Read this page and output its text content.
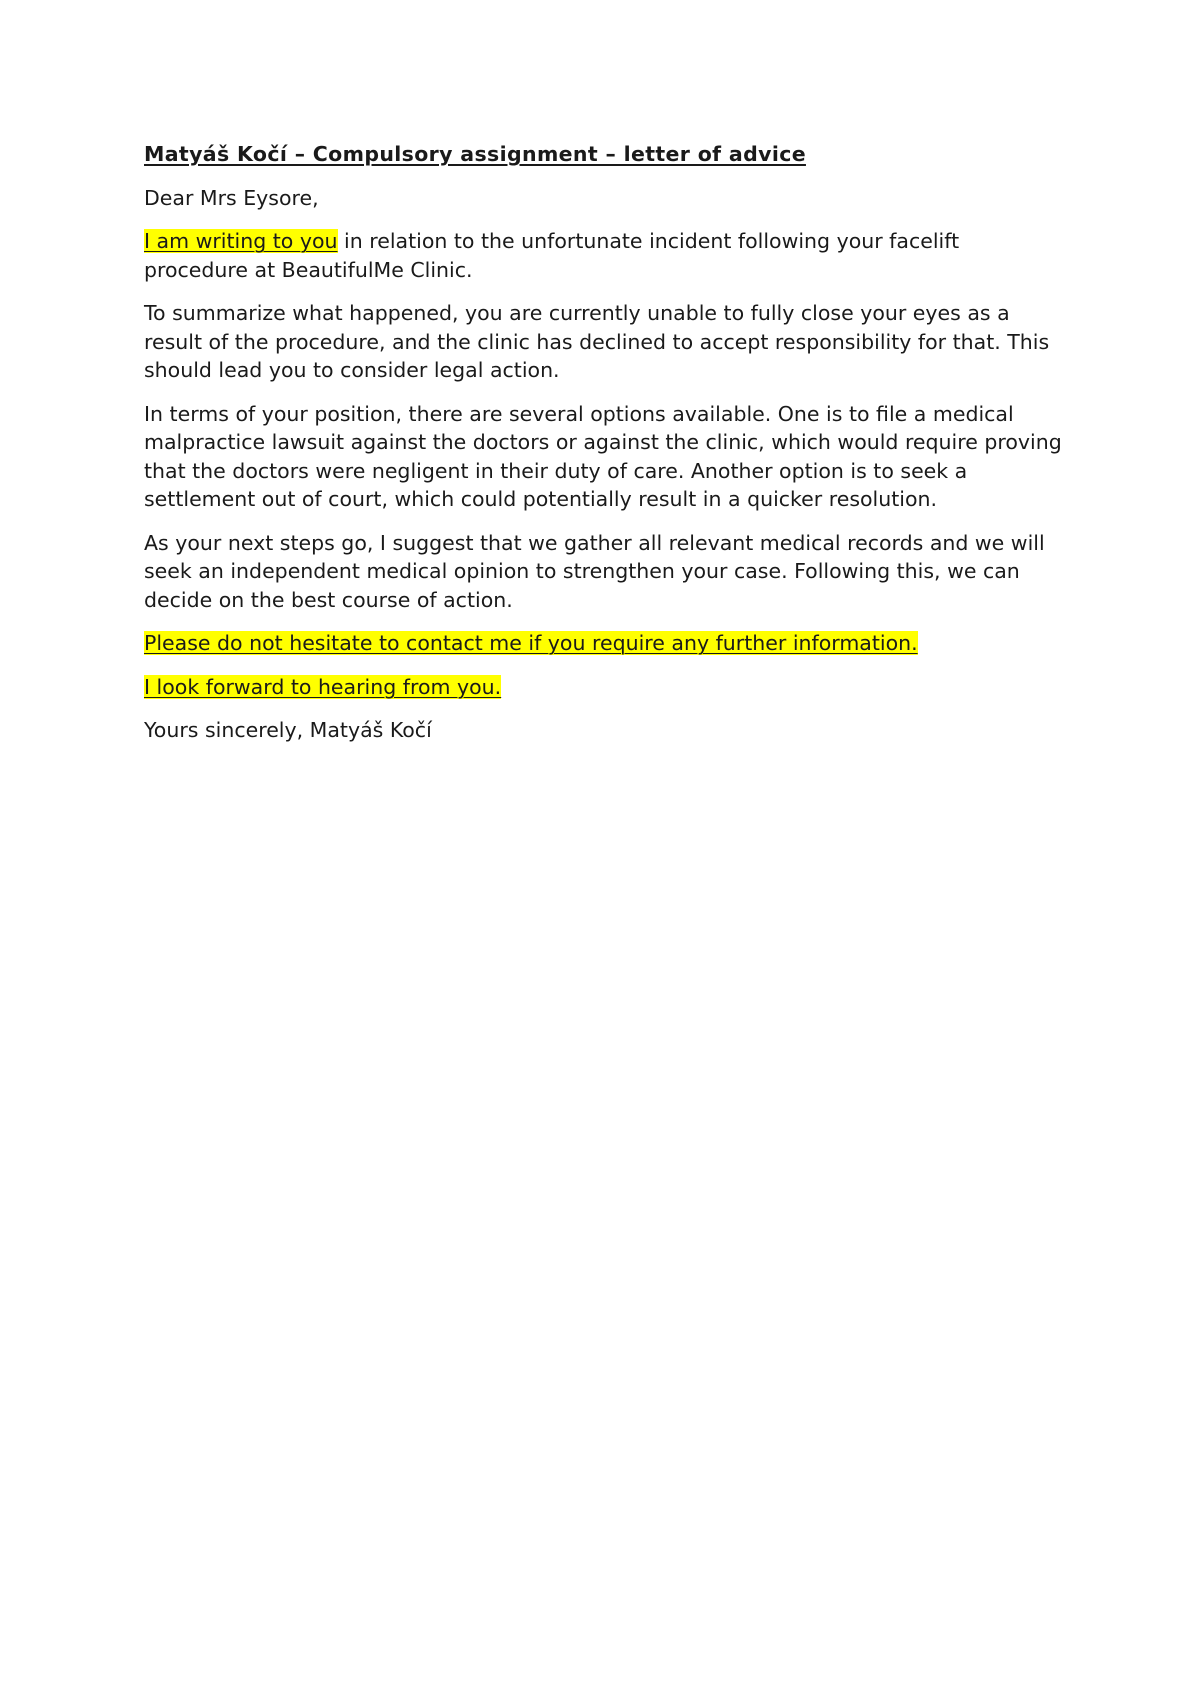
Matyáš Kočí – Compulsory assignment – letter of advice

Dear Mrs Eysore,

I am writing to you in relation to the unfortunate incident following your facelift procedure at BeautifulMe Clinic.

To summarize what happened, you are currently unable to fully close your eyes as a result of the procedure, and the clinic has declined to accept responsibility for that. This should lead you to consider legal action.

In terms of your position, there are several options available. One is to file a medical malpractice lawsuit against the doctors or against the clinic, which would require proving that the doctors were negligent in their duty of care. Another option is to seek a settlement out of court, which could potentially result in a quicker resolution.

As your next steps go, I suggest that we gather all relevant medical records and we will seek an independent medical opinion to strengthen your case. Following this, we can decide on the best course of action.

Please do not hesitate to contact me if you require any further information.

I look forward to hearing from you.

Yours sincerely, Matyáš Kočí
